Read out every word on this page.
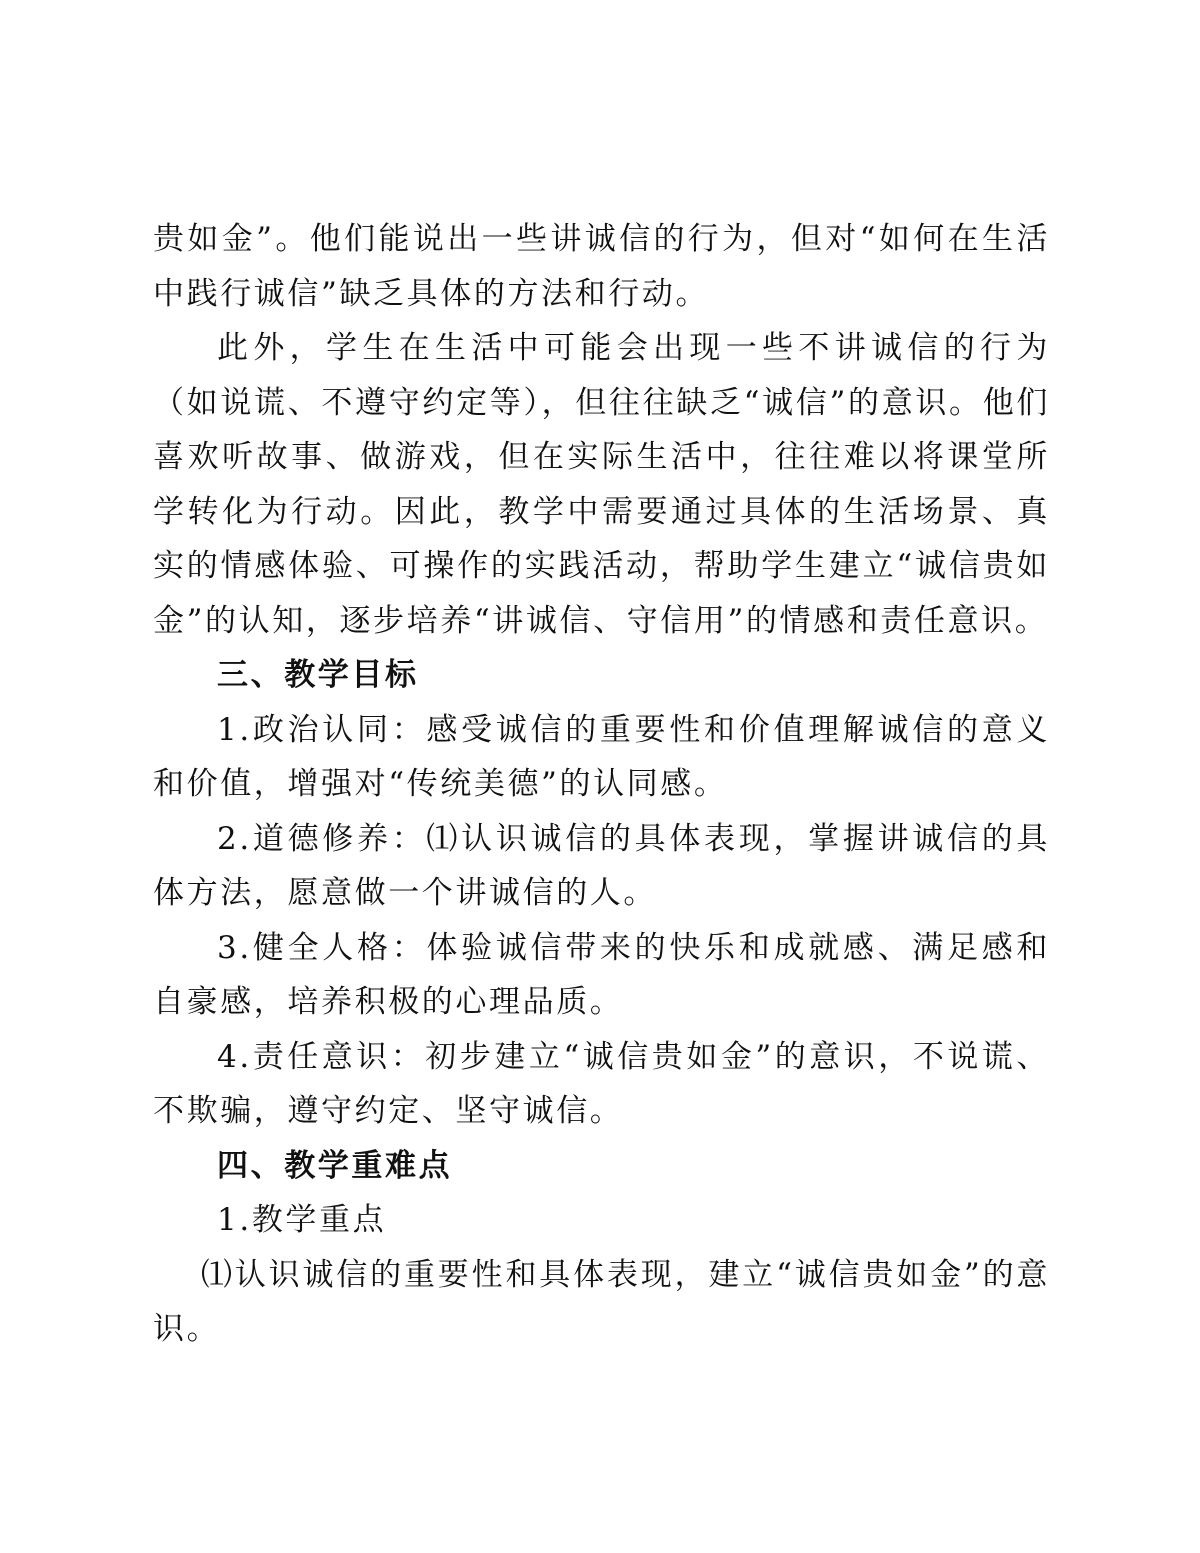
贵如金”。他们能说出一些讲诚信的行为，但对“如何在生活中践行诚信”缺乏具体的方法和行动。

此外，学生在生活中可能会出现一些不讲诚信的行为（如说谎、不遵守约定等），但往往缺乏“诚信”的意识。他们喜欢听故事、做游戏，但在实际生活中，往往难以将课堂所学转化为行动。因此，教学中需要通过具体的生活场景、真实的情感体验、可操作的实践活动，帮助学生建立“诚信贵如金”的认知，逐步培养“讲诚信、守信用”的情感和责任意识。

三、教学目标

1.政治认同：感受诚信的重要性和价值理解诚信的意义和价值，增强对“传统美德”的认同感。

2.道德修养：⑴认识诚信的具体表现，掌握讲诚信的具体方法，愿意做一个讲诚信的人。

3.健全人格：体验诚信带来的快乐和成就感、满足感和自豪感，培养积极的心理品质。

4.责任意识：初步建立“诚信贵如金”的意识，不说谎、不欺骗，遵守约定、坚守诚信。

四、教学重难点

1.教学重点

⑴认识诚信的重要性和具体表现，建立“诚信贵如金”的意识。
